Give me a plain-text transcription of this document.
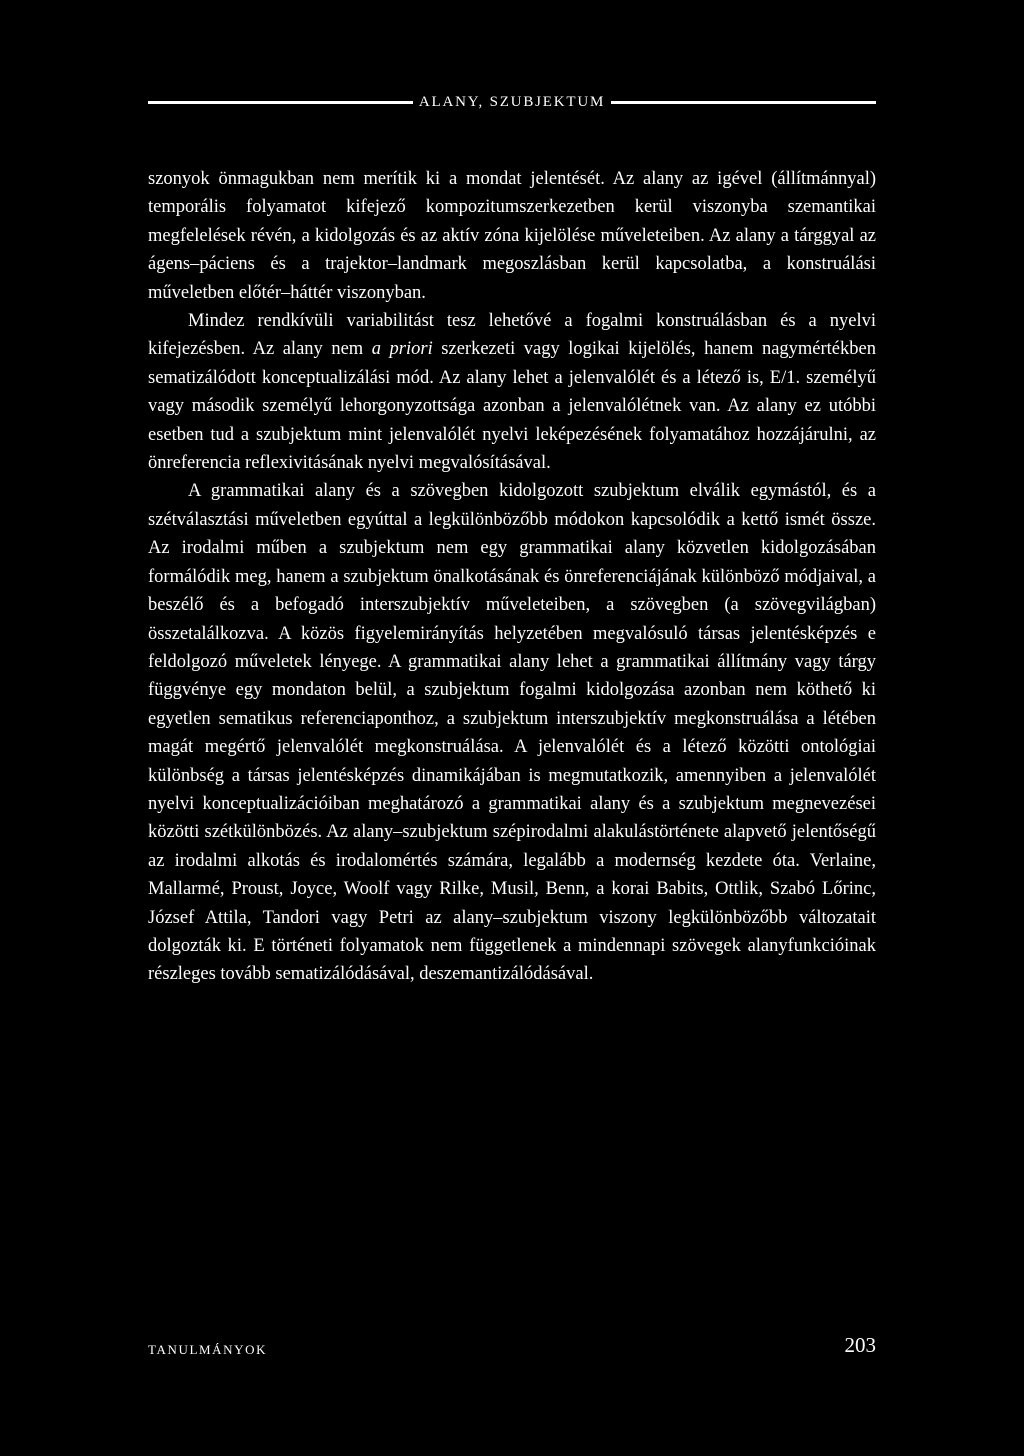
ALANY, SZUBJEKTUM

szonyok önmagukban nem merítik ki a mondat jelentését. Az alany az igével (állítmánnyal) temporális folyamatot kifejező kompozitumszerkezetben kerül viszonyba szemantikai megfelelések révén, a kidolgozás és az aktív zóna kijelölése műveleteiben. Az alany a tárggyal az ágens–páciens és a trajektor–landmark megoszlásban kerül kapcsolatba, a konstruálási műveletben előtér–háttér viszonyban.

Mindez rendkívüli variabilitást tesz lehetővé a fogalmi konstruálásban és a nyelvi kifejezésben. Az alany nem a priori szerkezeti vagy logikai kijelölés, hanem nagymértékben sematizálódott konceptualizálási mód. Az alany lehet a jelenvalólét és a létező is, E/1. személyű vagy második személyű lehorgonyzottsága azonban a jelenvalólétnek van. Az alany ez utóbbi esetben tud a szubjektum mint jelenvalólét nyelvi leképezésének folyamatához hozzájárulni, az önreferencia reflexivitásának nyelvi megvalósításával.

A grammatikai alany és a szövegben kidolgozott szubjektum elválik egymástól, és a szétválasztási műveletben egyúttal a legkülönbözőbb módokon kapcsolódik a kettő ismét össze. Az irodalmi műben a szubjektum nem egy grammatikai alany közvetlen kidolgozásában formálódik meg, hanem a szubjektum önalkotásának és önreferenciájának különböző módjaival, a beszélő és a befogadó interszubjektív műveleteiben, a szövegben (a szövegvilágban) összetalálkozva. A közös figyelemirányítás helyzetében megvalósuló társas jelentésképzés e feldolgozó műveletek lényege. A grammatikai alany lehet a grammatikai állítmány vagy tárgy függvénye egy mondaton belül, a szubjektum fogalmi kidolgozása azonban nem köthető ki egyetlen sematikus referenciaponthoz, a szubjektum interszubjektív megkonstruálása a létében magát megértő jelenvalólét megkonstruálása. A jelenvalólét és a létező közötti ontológiai különbség a társas jelentésképzés dinamikájában is megmutatkozik, amennyiben a jelenvalólét nyelvi konceptualizációiban meghatározó a grammatikai alany és a szubjektum megnevezései közötti szétkülönbözés. Az alany–szubjektum szépirodalmi alakulástörténete alapvető jelentőségű az irodalmi alkotás és irodalomértés számára, legalább a modernség kezdete óta. Verlaine, Mallarmé, Proust, Joyce, Woolf vagy Rilke, Musil, Benn, a korai Babits, Ottlik, Szabó Lőrinc, József Attila, Tandori vagy Petri az alany–szubjektum viszony legkülönbözőbb változatait dolgozták ki. E történeti folyamatok nem függetlenek a mindennapi szövegek alanyfunkcióinak részleges tovább sematizálódásával, deszemantizálódásával.

TANULMÁNYOK	203
